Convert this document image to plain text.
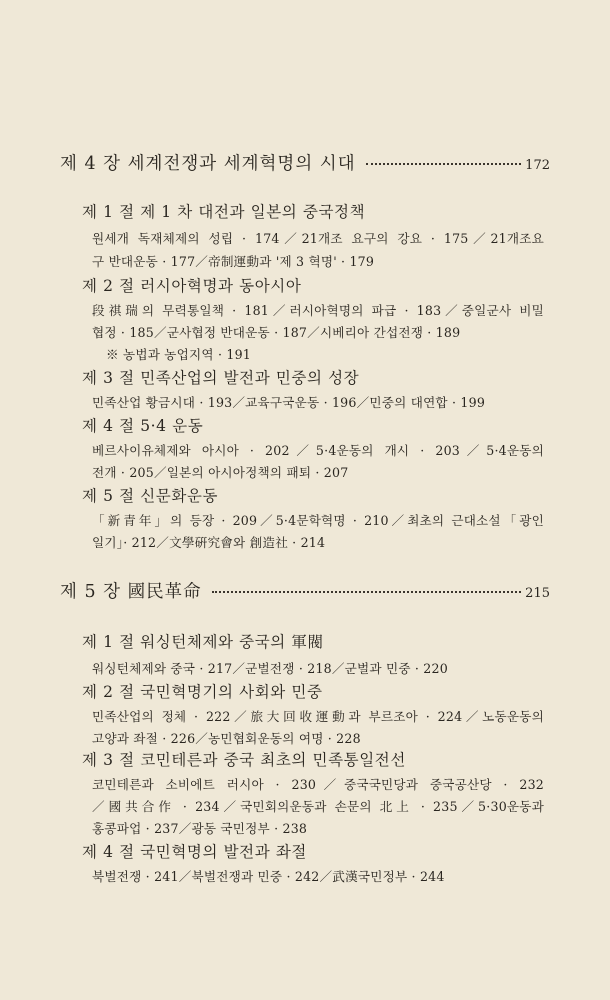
제 4 장 세계전쟁과 세계혁명의 시대	172
제 1 절 제 1 차 대전과 일본의 중국정책
원세개 독재체제의 성립 · 174／21개조 요구의 강요 · 175／21개조요
구 반대운동 · 177／帝制運動과 '제 3 혁명' · 179
제 2 절 러시아혁명과 동아시아
段祺瑞의 무력통일책 · 181／러시아혁명의 파급 · 183／중일군사 비밀
협정 · 185／군사협정 반대운동 · 187／시베리아 간섭전쟁 · 189
※ 농법과 농업지역 · 191
제 3 절 민족산업의 발전과 민중의 성장
민족산업 황금시대 · 193／교육구국운동 · 196／민중의 대연합 · 199
제 4 절 5·4 운동
베르사이유체제와 아시아 · 202／5·4운동의 개시 · 203／5·4운동의
전개 · 205／일본의 아시아정책의 패퇴 · 207
제 5 절 신문화운동
「新青年」의 등장 · 209／5·4문학혁명 · 210／최초의 근대소설「광인
일기」· 212／文學硏究會와 創造社 · 214
제 5 장 國民革命	215
제 1 절 워싱턴체제와 중국의 軍閥
워싱턴체제와 중국 · 217／군벌전쟁 · 218／군벌과 민중 · 220
제 2 절 국민혁명기의 사회와 민중
민족산업의 정체 · 222／旅大回收運動과 부르조아 · 224／노동운동의
고양과 좌절 · 226／농민협회운동의 여명 · 228
제 3 절 코민테른과 중국 최초의 민족통일전선
코민테른과 소비에트 러시아 · 230／중국국민당과 중국공산당 · 232
／國共合作 · 234／국민회의운동과 손문의 北上 · 235／5·30운동과
홍콩파업 · 237／광동 국민정부 · 238
제 4 절 국민혁명의 발전과 좌절
북벌전쟁 · 241／북벌전쟁과 민중 · 242／武漢국민정부 · 244
